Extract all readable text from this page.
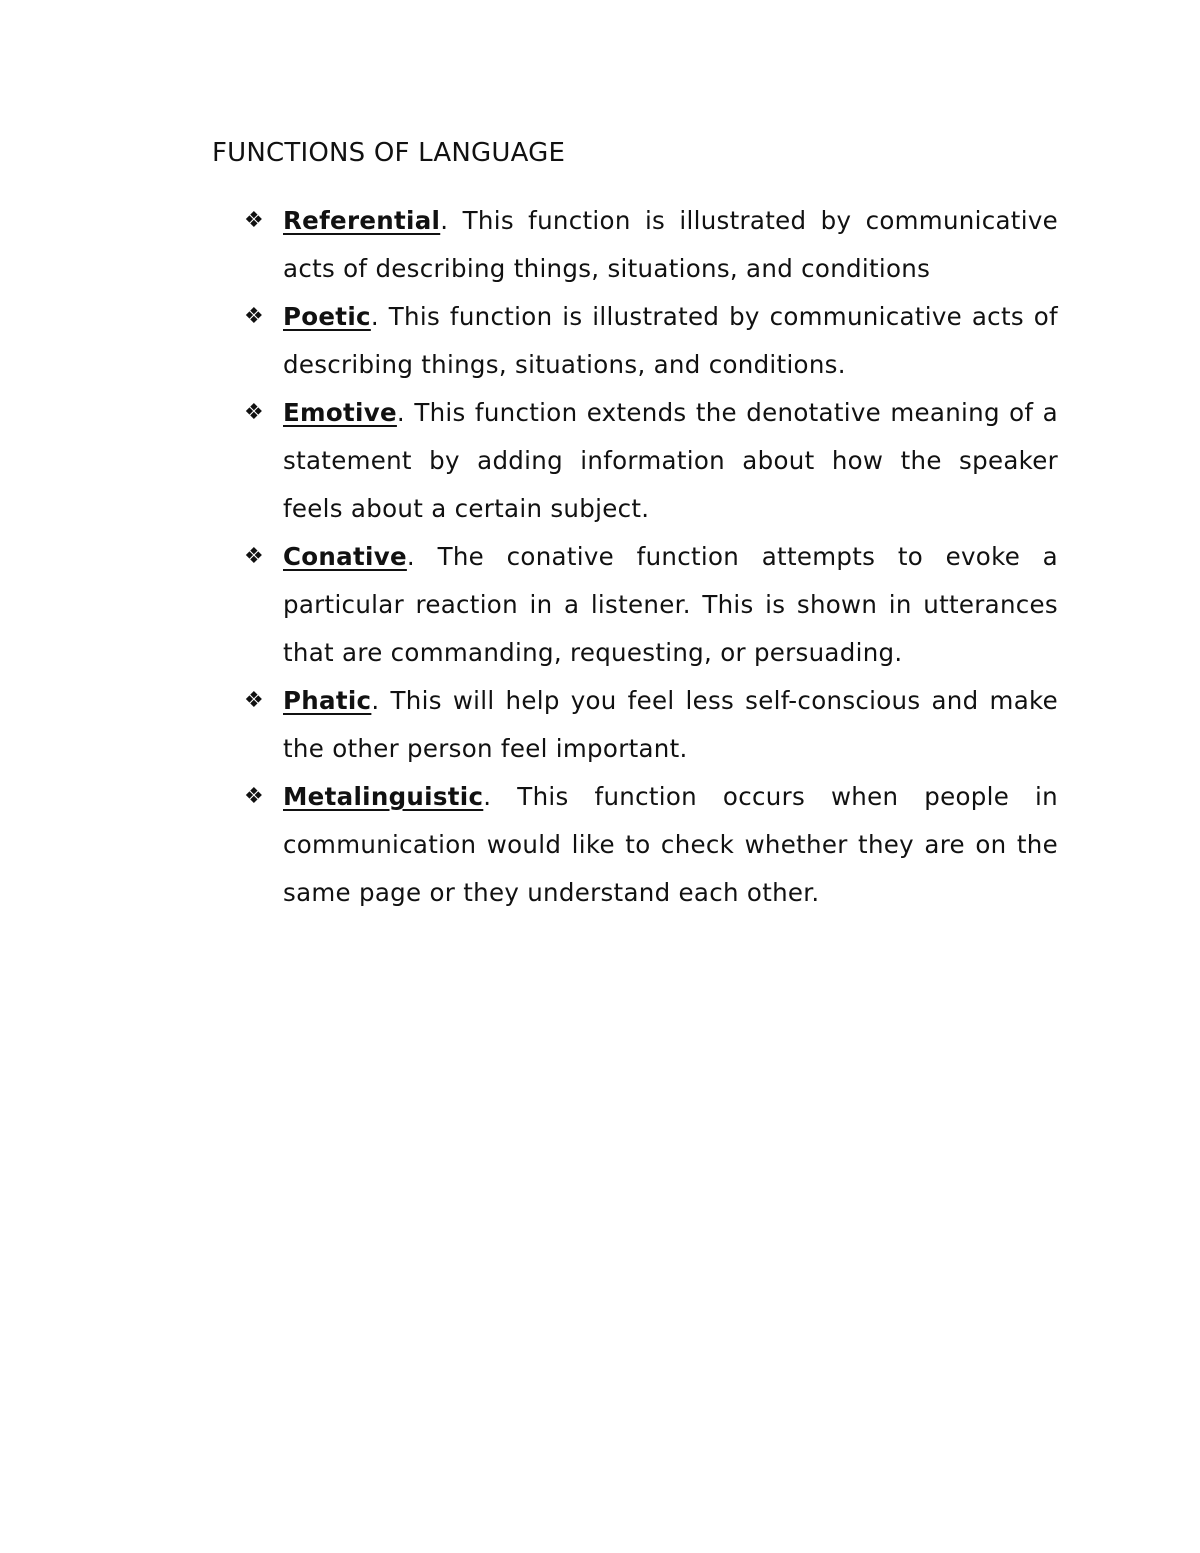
FUNCTIONS OF LANGUAGE
❖ Referential. This function is illustrated by communicative acts of describing things, situations, and conditions
❖ Poetic. This function is illustrated by communicative acts of describing things, situations, and conditions.
❖ Emotive. This function extends the denotative meaning of a statement by adding information about how the speaker feels about a certain subject.
❖ Conative. The conative function attempts to evoke a particular reaction in a listener. This is shown in utterances that are commanding, requesting, or persuading.
❖ Phatic. This will help you feel less self-conscious and make the other person feel important.
❖ Metalinguistic. This function occurs when people in communication would like to check whether they are on the same page or they understand each other.
